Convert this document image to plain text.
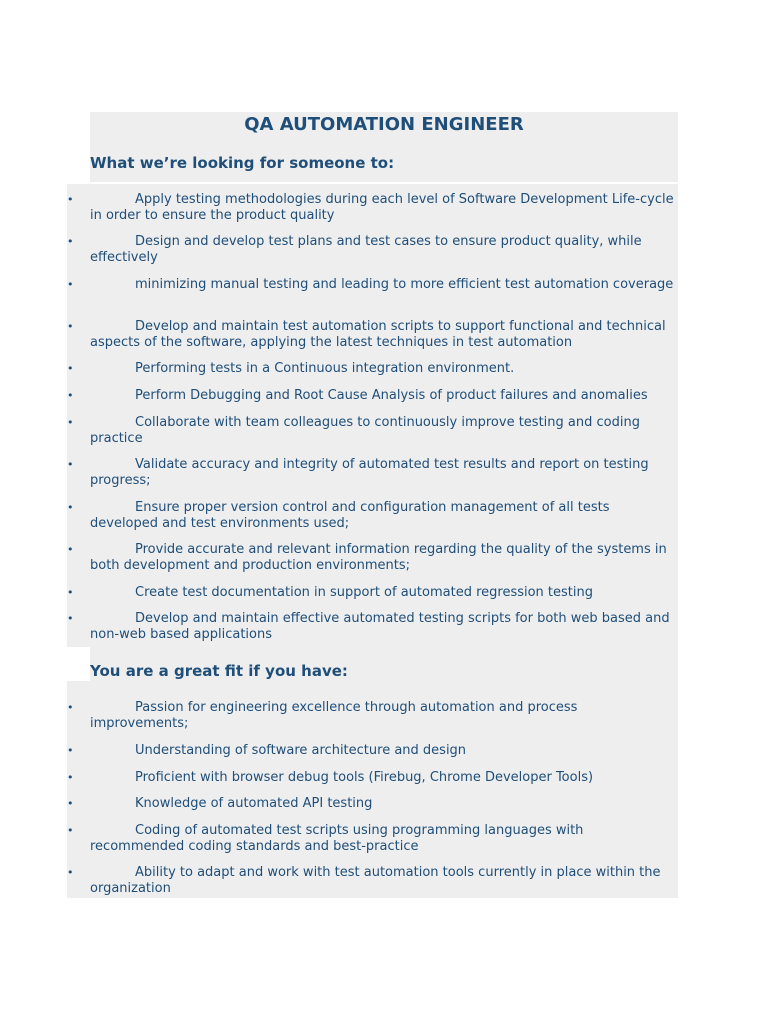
QA AUTOMATION ENGINEER
What we’re looking for someone to:
•	Apply testing methodologies during each level of Software Development Life-cycle in order to ensure the product quality

•	Design and develop test plans and test cases to ensure product quality, while effectively

•	minimizing manual testing and leading to more efficient test automation coverage

•	Develop and maintain test automation scripts to support functional and technical aspects of the software, applying the latest techniques in test automation

•	Performing tests in a Continuous integration environment.

•	Perform Debugging and Root Cause Analysis of product failures and anomalies

•	Collaborate with team colleagues to continuously improve testing and coding practice

•	Validate accuracy and integrity of automated test results and report on testing progress;

•	Ensure proper version control and configuration management of all tests developed and test environments used;

•	Provide accurate and relevant information regarding the quality of the systems in both development and production environments;

•	Create test documentation in support of automated regression testing

•	Develop and maintain effective automated testing scripts for both web based and non-web based applications

You are a great fit if you have:
•	Passion for engineering excellence through automation and process improvements;

•	Understanding of software architecture and design

•	Proficient with browser debug tools (Firebug, Chrome Developer Tools)

•	Knowledge of automated API testing

•	Coding of automated test scripts using programming languages with recommended coding standards and best-practice

•	Ability to adapt and work with test automation tools currently in place within the organization
